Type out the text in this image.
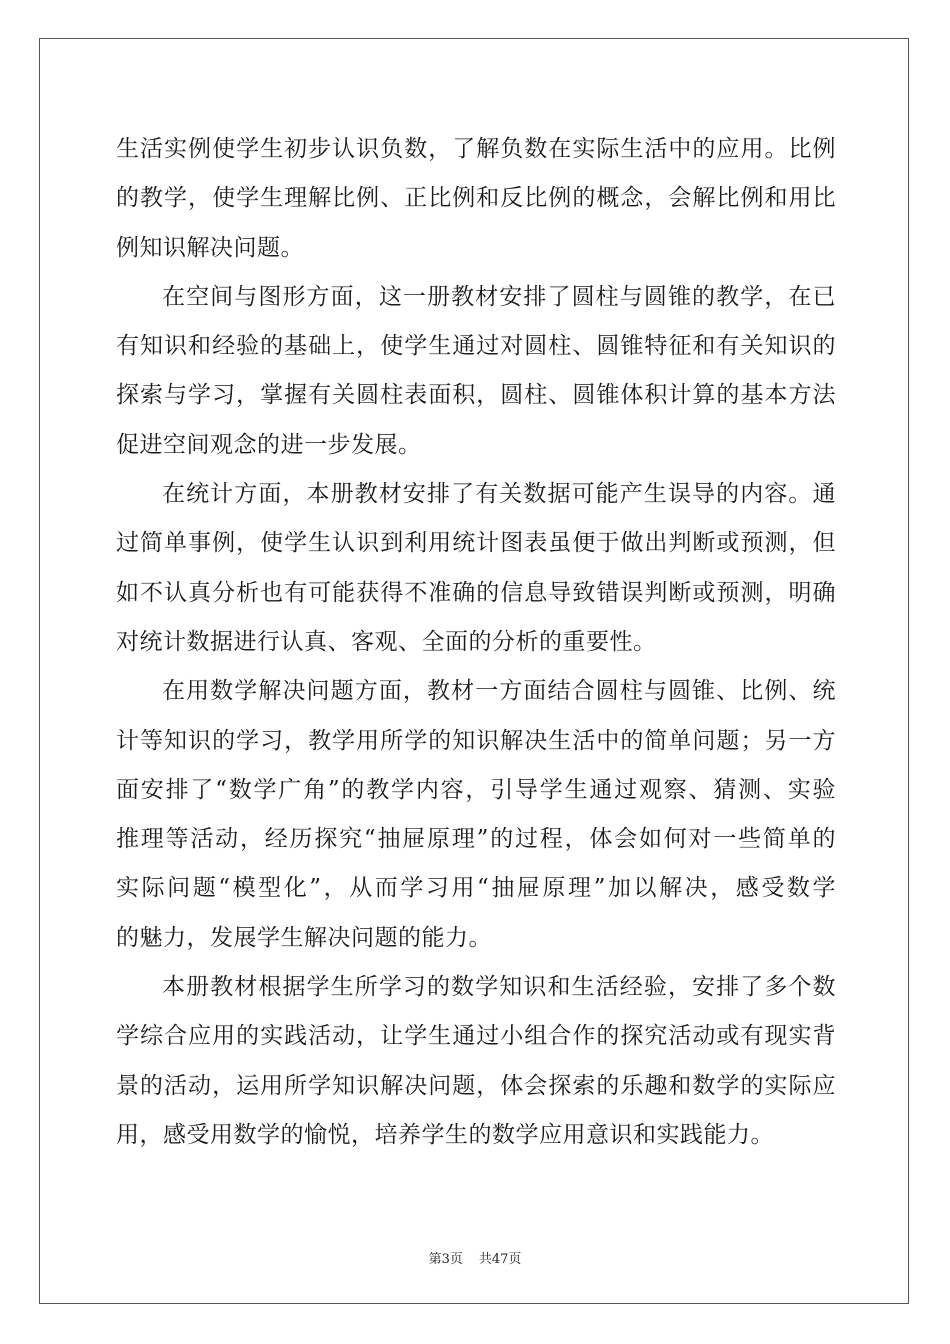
生活实例使学生初步认识负数，了解负数在实际生活中的应用。比例
的教学，使学生理解比例、正比例和反比例的概念，会解比例和用比
例知识解决问题。
在空间与图形方面，这一册教材安排了圆柱与圆锥的教学，在已
有知识和经验的基础上，使学生通过对圆柱、圆锥特征和有关知识的
探索与学习，掌握有关圆柱表面积，圆柱、圆锥体积计算的基本方法
促进空间观念的进一步发展。
在统计方面，本册教材安排了有关数据可能产生误导的内容。通
过简单事例，使学生认识到利用统计图表虽便于做出判断或预测，但
如不认真分析也有可能获得不准确的信息导致错误判断或预测，明确
对统计数据进行认真、客观、全面的分析的重要性。
在用数学解决问题方面，教材一方面结合圆柱与圆锥、比例、统
计等知识的学习，教学用所学的知识解决生活中的简单问题；另一方
面安排了“数学广角”的教学内容，引导学生通过观察、猜测、实验
推理等活动，经历探究“抽屉原理”的过程，体会如何对一些简单的
实际问题“模型化”，从而学习用“抽屉原理”加以解决，感受数学
的魅力，发展学生解决问题的能力。
本册教材根据学生所学习的数学知识和生活经验，安排了多个数
学综合应用的实践活动，让学生通过小组合作的探究活动或有现实背
景的活动，运用所学知识解决问题，体会探索的乐趣和数学的实际应
用，感受用数学的愉悦，培养学生的数学应用意识和实践能力。
第3页 共47页
